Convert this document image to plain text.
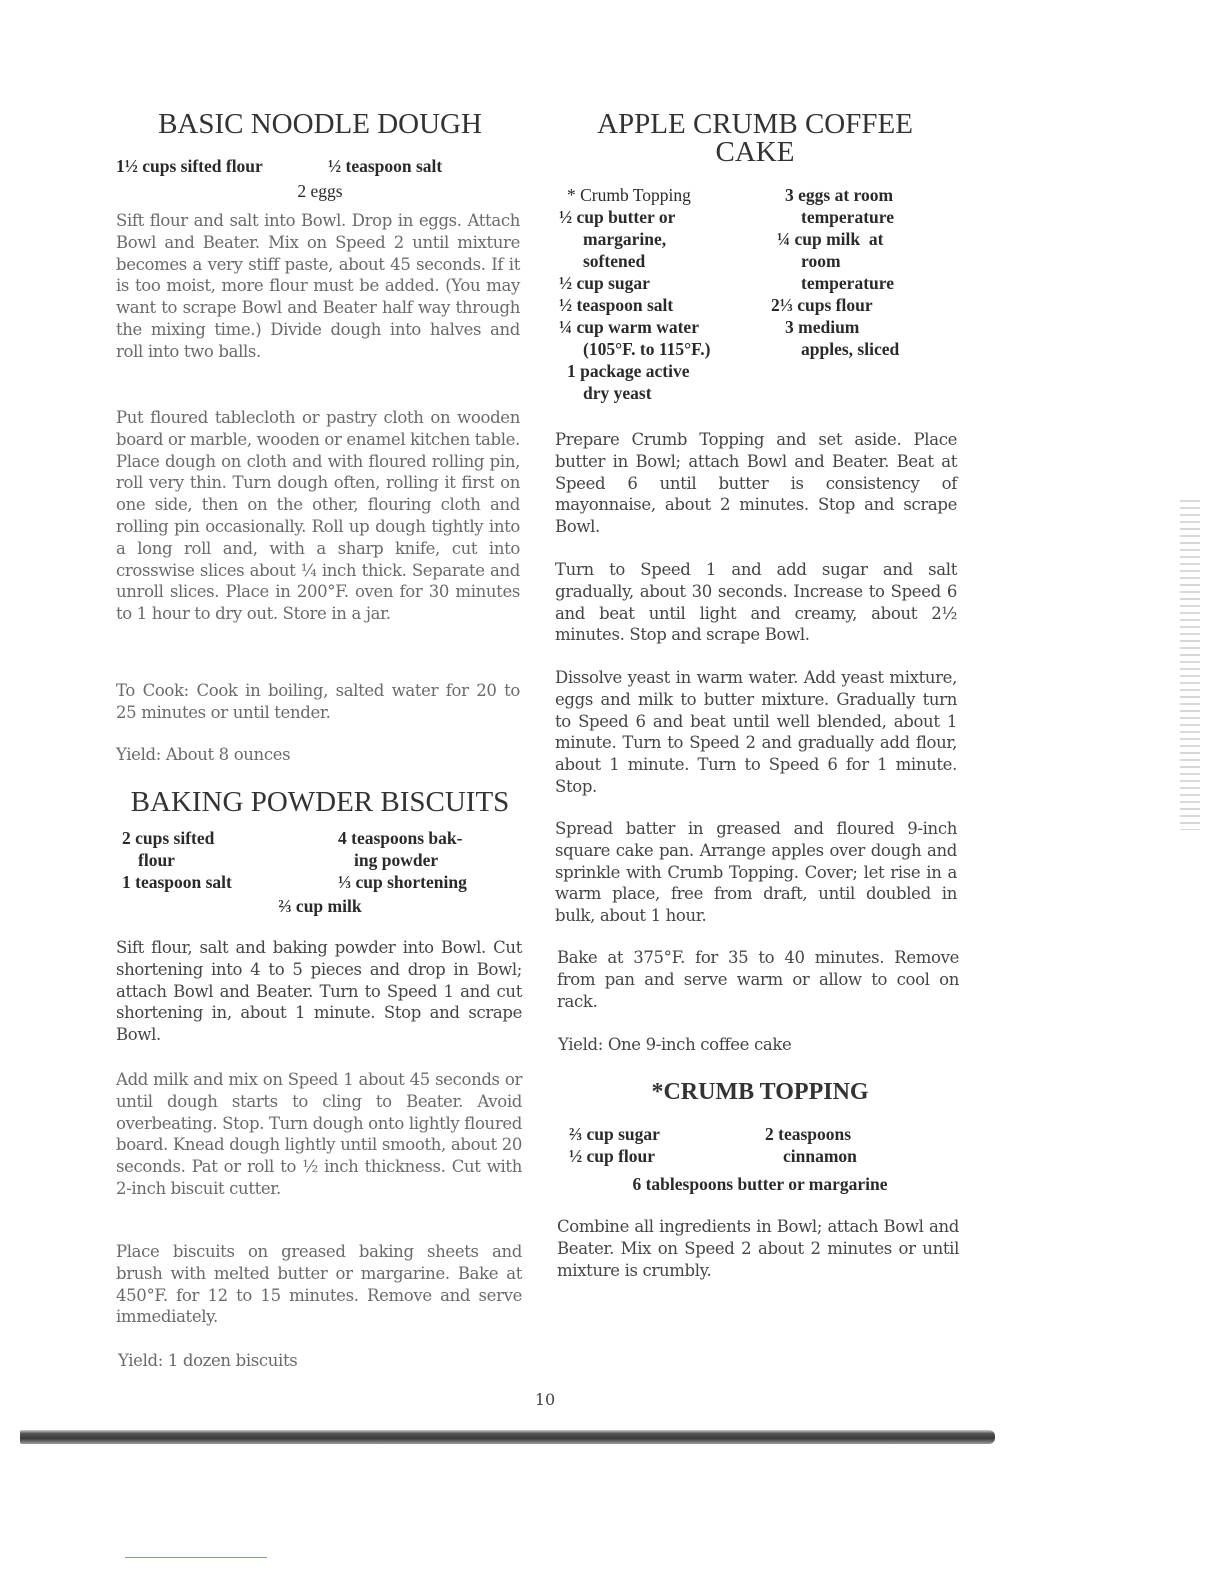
BASIC NOODLE DOUGH
1½ cups sifted flour	½ teaspoon salt
2 eggs

Sift flour and salt into Bowl. Drop in eggs. Attach Bowl and Beater. Mix on Speed 2 until mixture becomes a very stiff paste, about 45 seconds. If it is too moist, more flour must be added. (You may want to scrape Bowl and Beater half way through the mixing time.) Divide dough into halves and roll into two balls.

Put floured tablecloth or pastry cloth on wooden board or marble, wooden or enamel kitchen table. Place dough on cloth and with floured rolling pin, roll very thin. Turn dough often, rolling it first on one side, then on the other, flouring cloth and rolling pin occasionally. Roll up dough tightly into a long roll and, with a sharp knife, cut into crosswise slices about ¼ inch thick. Separate and unroll slices. Place in 200°F. oven for 30 minutes to 1 hour to dry out. Store in a jar.

To Cook: Cook in boiling, salted water for 20 to 25 minutes or until tender.

Yield: About 8 ounces

BAKING POWDER BISCUITS
2 cups sifted
flour
1 teaspoon salt
4 teaspoons bak-
ing powder
⅓ cup shortening
⅔ cup milk

Sift flour, salt and baking powder into Bowl. Cut shortening into 4 to 5 pieces and drop in Bowl; attach Bowl and Beater. Turn to Speed 1 and cut shortening in, about 1 minute. Stop and scrape Bowl.

Add milk and mix on Speed 1 about 45 seconds or until dough starts to cling to Beater. Avoid overbeating. Stop. Turn dough onto lightly floured board. Knead dough lightly until smooth, about 20 seconds. Pat or roll to ½ inch thickness. Cut with 2-inch biscuit cutter.

Place biscuits on greased baking sheets and brush with melted butter or margarine. Bake at 450°F. for 12 to 15 minutes. Remove and serve immediately.

Yield: 1 dozen biscuits

APPLE CRUMB COFFEE
CAKE
* Crumb Topping
½ cup butter or
margarine,
softened
½ cup sugar
½ teaspoon salt
¼ cup warm water
(105°F. to 115°F.)
1 package active
dry yeast
3 eggs at room
temperature
¼ cup milk  at
room
temperature
2⅓ cups flour
3 medium
apples, sliced

Prepare Crumb Topping and set aside. Place butter in Bowl; attach Bowl and Beater. Beat at Speed 6 until butter is consistency of mayonnaise, about 2 minutes. Stop and scrape Bowl.

Turn to Speed 1 and add sugar and salt gradually, about 30 seconds. Increase to Speed 6 and beat until light and creamy, about 2½ minutes. Stop and scrape Bowl.

Dissolve yeast in warm water. Add yeast mixture, eggs and milk to butter mixture. Gradually turn to Speed 6 and beat until well blended, about 1 minute. Turn to Speed 2 and gradually add flour, about 1 minute. Turn to Speed 6 for 1 minute. Stop.

Spread batter in greased and floured 9-inch square cake pan. Arrange apples over dough and sprinkle with Crumb Topping. Cover; let rise in a warm place, free from draft, until doubled in bulk, about 1 hour.

Bake at 375°F. for 35 to 40 minutes. Remove from pan and serve warm or allow to cool on rack.

Yield: One 9-inch coffee cake

*CRUMB TOPPING
⅔ cup sugar
½ cup flour
2 teaspoons
cinnamon
6 tablespoons butter or margarine

Combine all ingredients in Bowl; attach Bowl and Beater. Mix on Speed 2 about 2 minutes or until mixture is crumbly.

10
